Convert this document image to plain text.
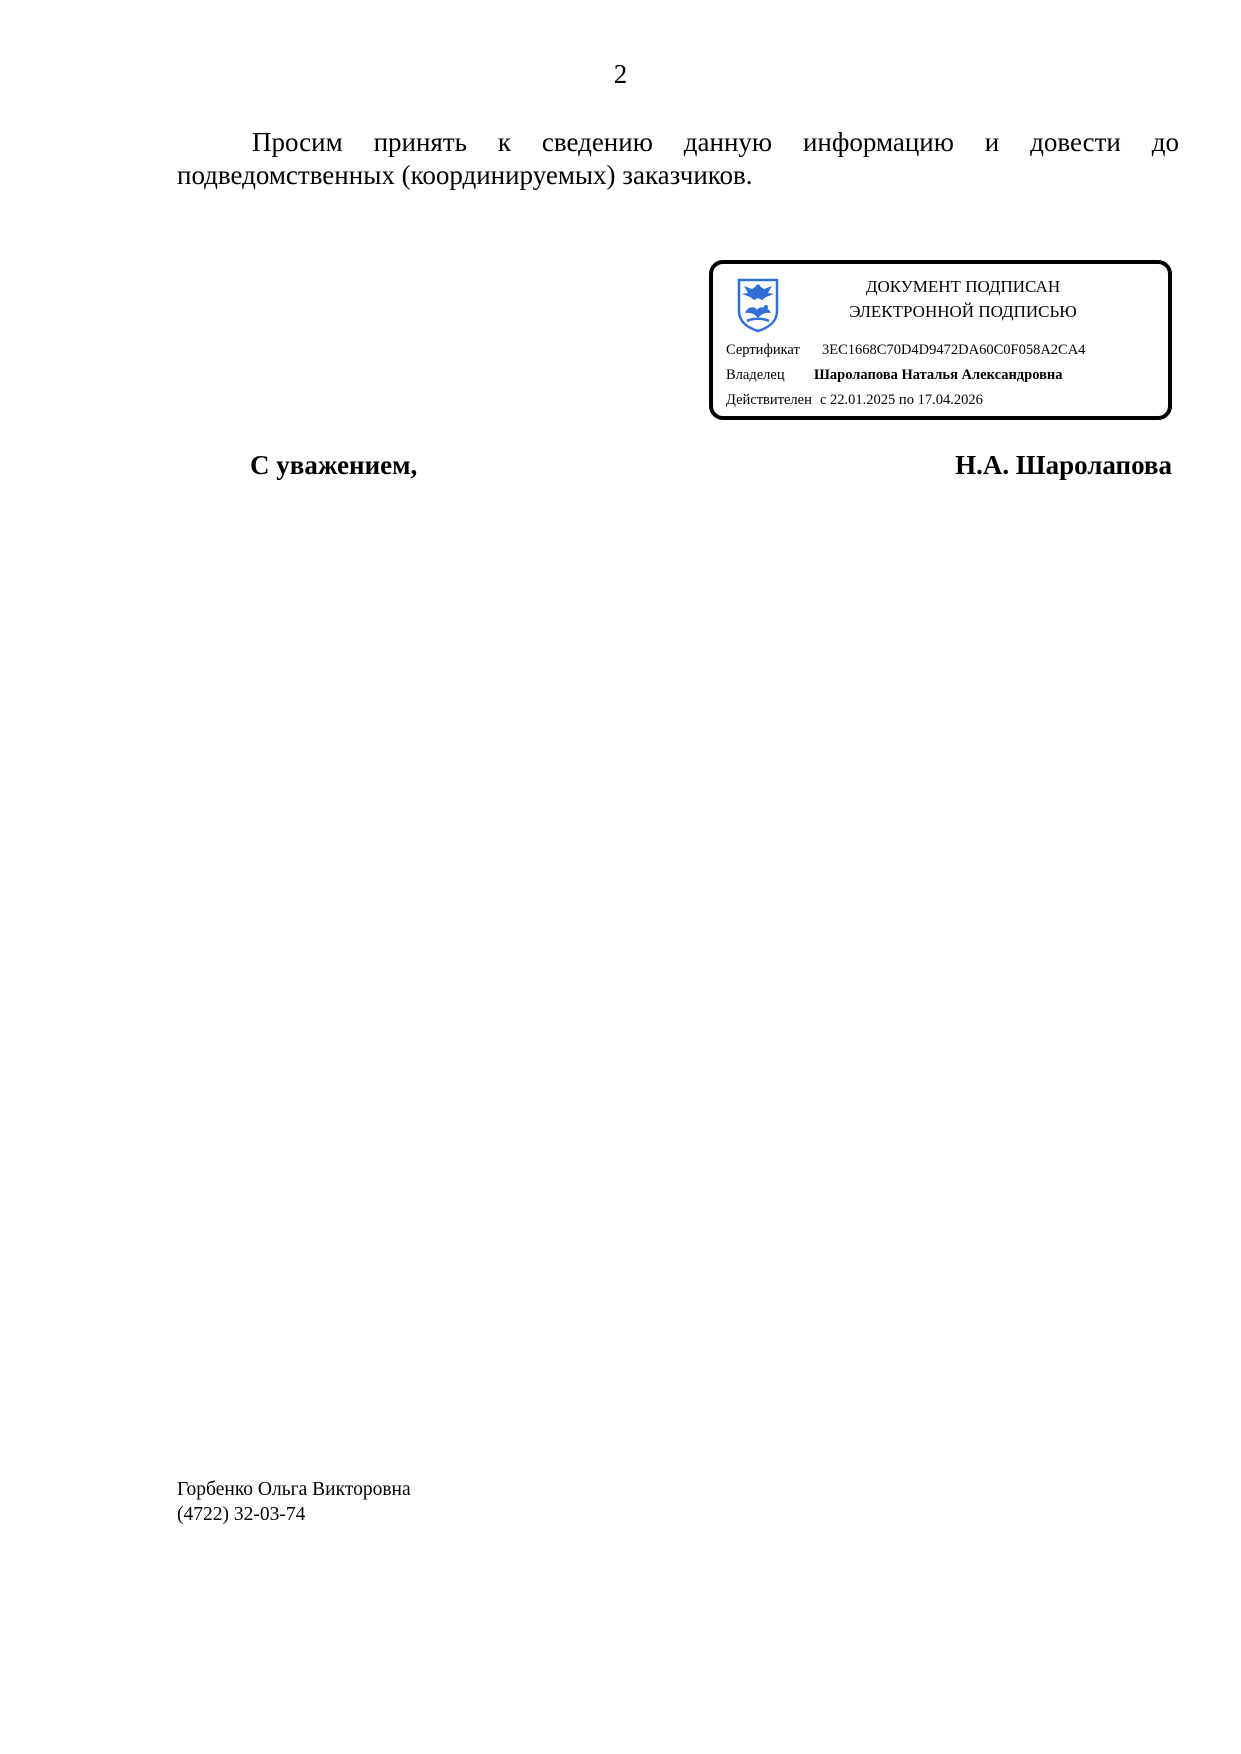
2

Просим принять к сведению данную информацию и довести до подведомственных (координируемых) заказчиков.

ДОКУМЕНТ ПОДПИСАН
ЭЛЕКТРОННОЙ ПОДПИСЬЮ
Сертификат 3EC1668C70D4D9472DA60C0F058A2CA4
Владелец Шаролапова Наталья Александровна
Действителен с 22.01.2025 по 17.04.2026
С уважением,	Н.А. Шаролапова
Горбенко Ольга Викторовна
(4722) 32-03-74
